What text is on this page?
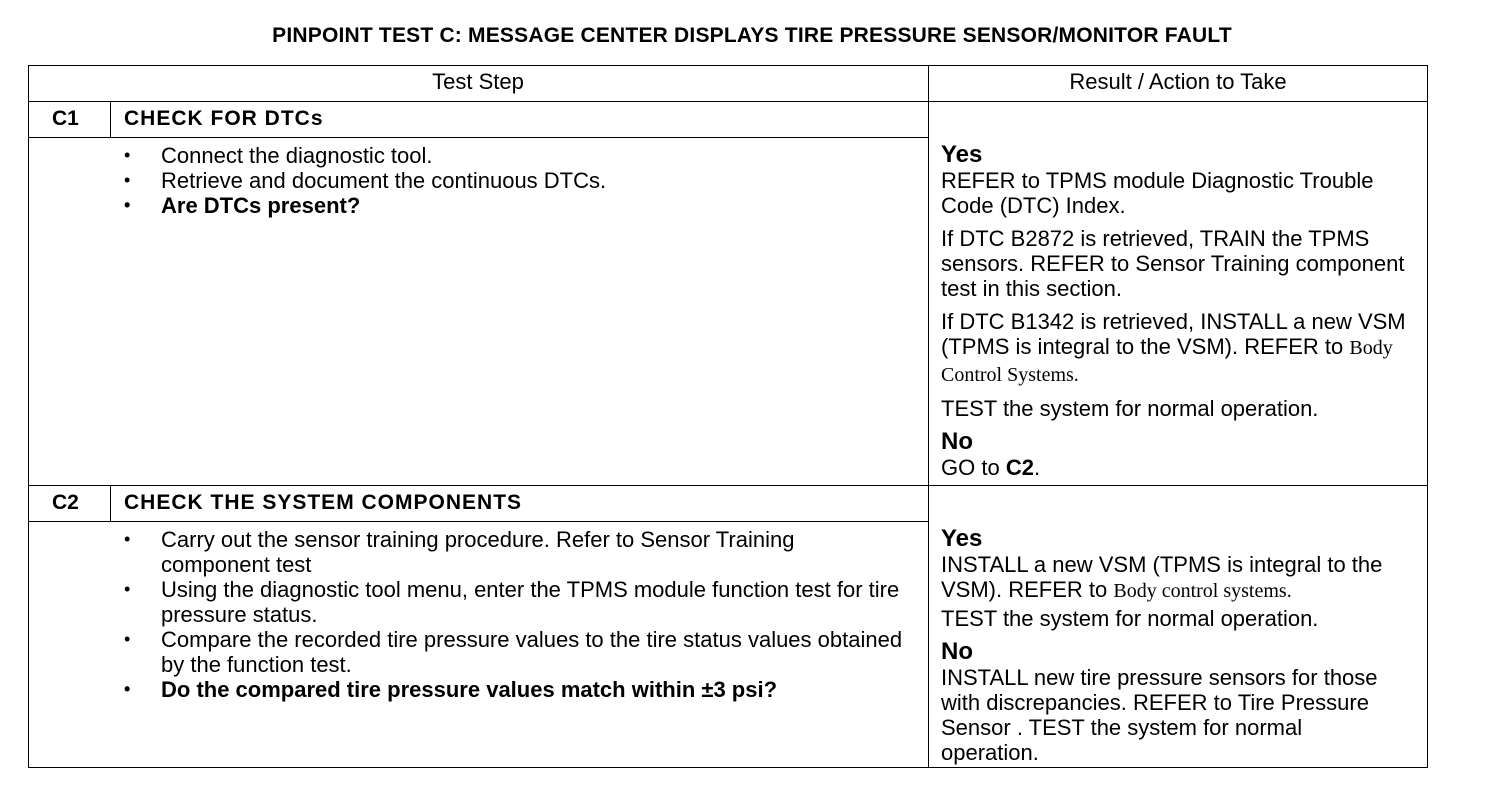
PINPOINT TEST C: MESSAGE CENTER DISPLAYS TIRE PRESSURE SENSOR/MONITOR FAULT
Test Step	Result / Action to Take
C1 CHECK FOR DTCs
• Connect the diagnostic tool.
• Retrieve and document the continuous DTCs.
• Are DTCs present?
Yes

REFER to TPMS module Diagnostic Trouble Code (DTC) Index.

If DTC B2872 is retrieved, TRAIN the TPMS sensors. REFER to Sensor Training component test in this section.

If DTC B1342 is retrieved, INSTALL a new VSM (TPMS is integral to the VSM). REFER to Body Control Systems.

TEST the system for normal operation.

No
GO to C2.
C2 CHECK THE SYSTEM COMPONENTS
• Carry out the sensor training procedure. Refer to Sensor Training component test
• Using the diagnostic tool menu, enter the TPMS module function test for tire pressure status.
• Compare the recorded tire pressure values to the tire status values obtained by the function test.
• Do the compared tire pressure values match within ±3 psi?
Yes

INSTALL a new VSM (TPMS is integral to the VSM). REFER to Body control systems.

TEST the system for normal operation.

No
INSTALL new tire pressure sensors for those with discrepancies. REFER to Tire Pressure Sensor . TEST the system for normal operation.
